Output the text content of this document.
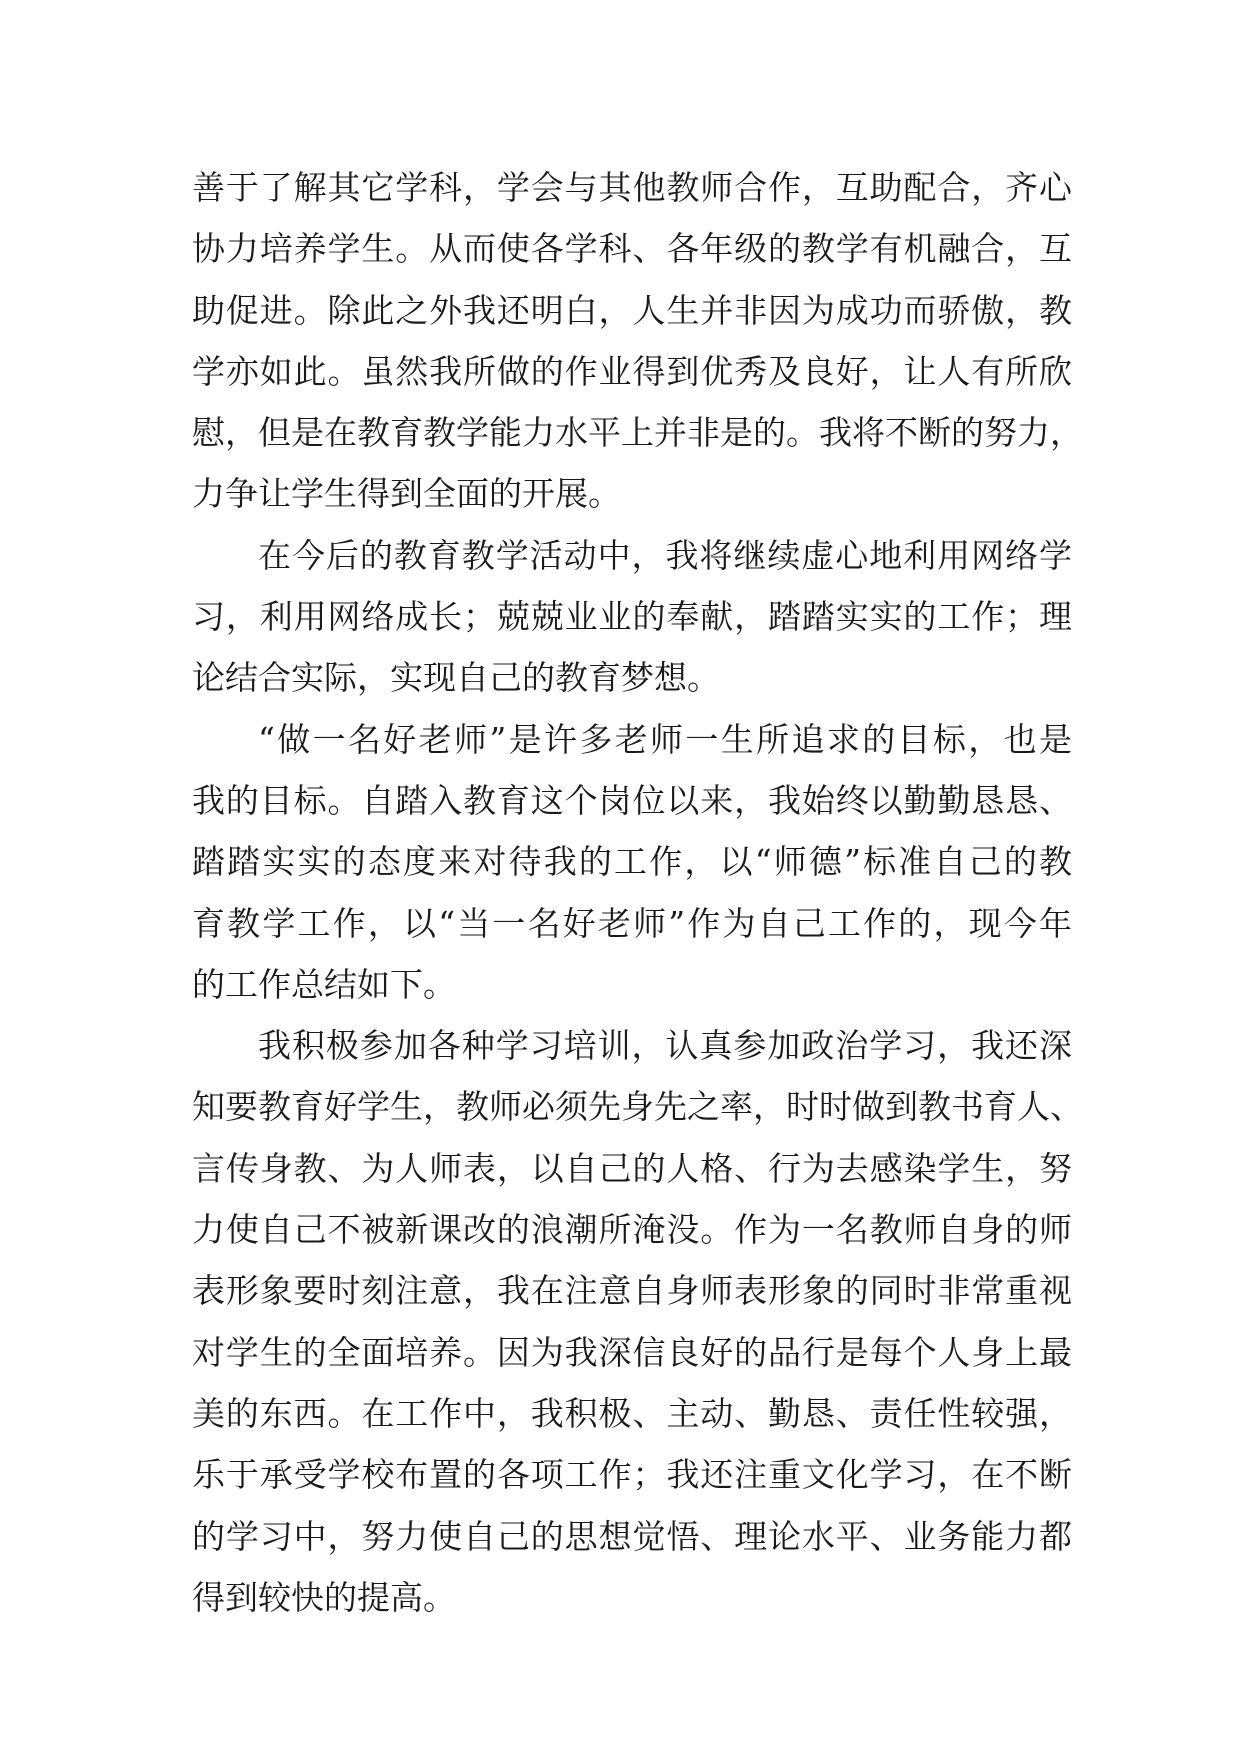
善于了解其它学科，学会与其他教师合作，互助配合，齐心
协力培养学生。从而使各学科、各年级的教学有机融合，互
助促进。除此之外我还明白，人生并非因为成功而骄傲，教
学亦如此。虽然我所做的作业得到优秀及良好，让人有所欣
慰，但是在教育教学能力水平上并非是的。我将不断的努力，
力争让学生得到全面的开展。
在今后的教育教学活动中，我将继续虚心地利用网络学
习，利用网络成长；兢兢业业的奉献，踏踏实实的工作；理
论结合实际，实现自己的教育梦想。
“做一名好老师”是许多老师一生所追求的目标，也是
我的目标。自踏入教育这个岗位以来，我始终以勤勤恳恳、
踏踏实实的态度来对待我的工作，以“师德”标准自己的教
育教学工作，以“当一名好老师”作为自己工作的，现今年
的工作总结如下。
我积极参加各种学习培训，认真参加政治学习，我还深
知要教育好学生，教师必须先身先之率，时时做到教书育人、
言传身教、为人师表，以自己的人格、行为去感染学生，努
力使自己不被新课改的浪潮所淹没。作为一名教师自身的师
表形象要时刻注意，我在注意自身师表形象的同时非常重视
对学生的全面培养。因为我深信良好的品行是每个人身上最
美的东西。在工作中，我积极、主动、勤恳、责任性较强，
乐于承受学校布置的各项工作；我还注重文化学习，在不断
的学习中，努力使自己的思想觉悟、理论水平、业务能力都
得到较快的提高。
